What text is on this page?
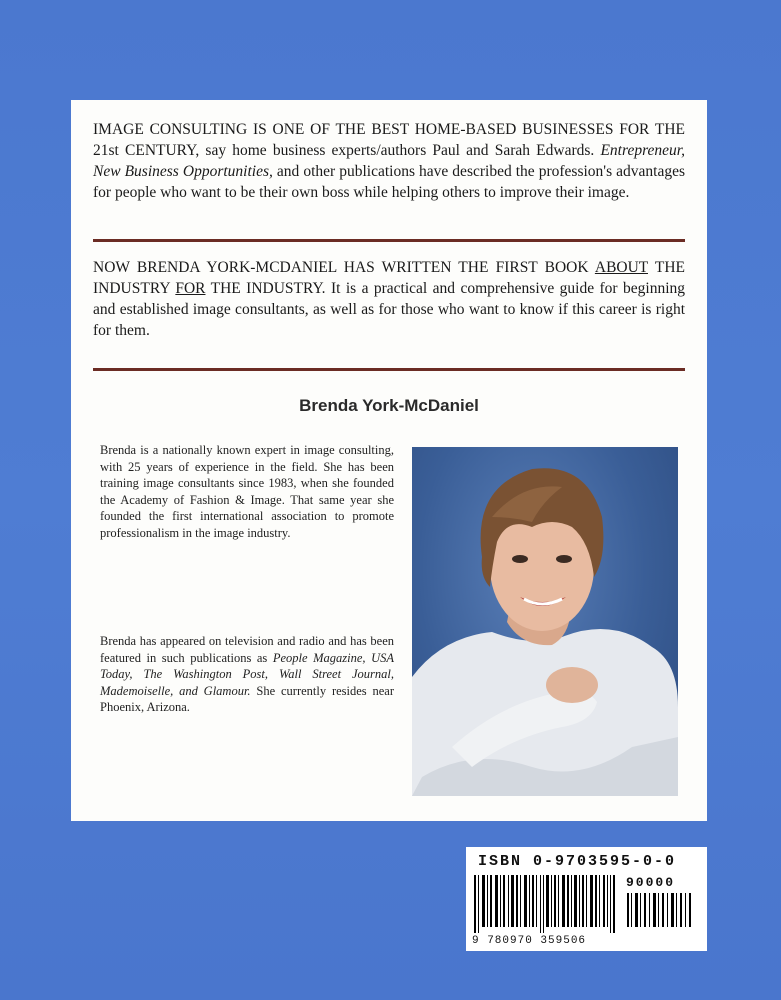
IMAGE CONSULTING IS ONE OF THE BEST HOME-BASED BUSINESSES FOR THE 21st CENTURY, say home business experts/authors Paul and Sarah Edwards. Entrepreneur, New Business Opportunities, and other publications have described the profession's advantages for people who want to be their own boss while helping others to improve their image.
NOW BRENDA YORK-MCDANIEL HAS WRITTEN THE FIRST BOOK ABOUT THE INDUSTRY FOR THE INDUSTRY. It is a practical and comprehensive guide for beginning and established image consultants, as well as for those who want to know if this career is right for them.
Brenda York-McDaniel
Brenda is a nationally known expert in image consulting, with 25 years of experience in the field. She has been training image consultants since 1983, when she founded the Academy of Fashion & Image. That same year she founded the first international association to promote professionalism in the image industry.
Brenda has appeared on television and radio and has been featured in such publications as People Magazine, USA Today, The Washington Post, Wall Street Journal, Mademoiselle, and Glamour. She currently resides near Phoenix, Arizona.
ISBN 0-9703595-0-0
90000
9 780970 359506
